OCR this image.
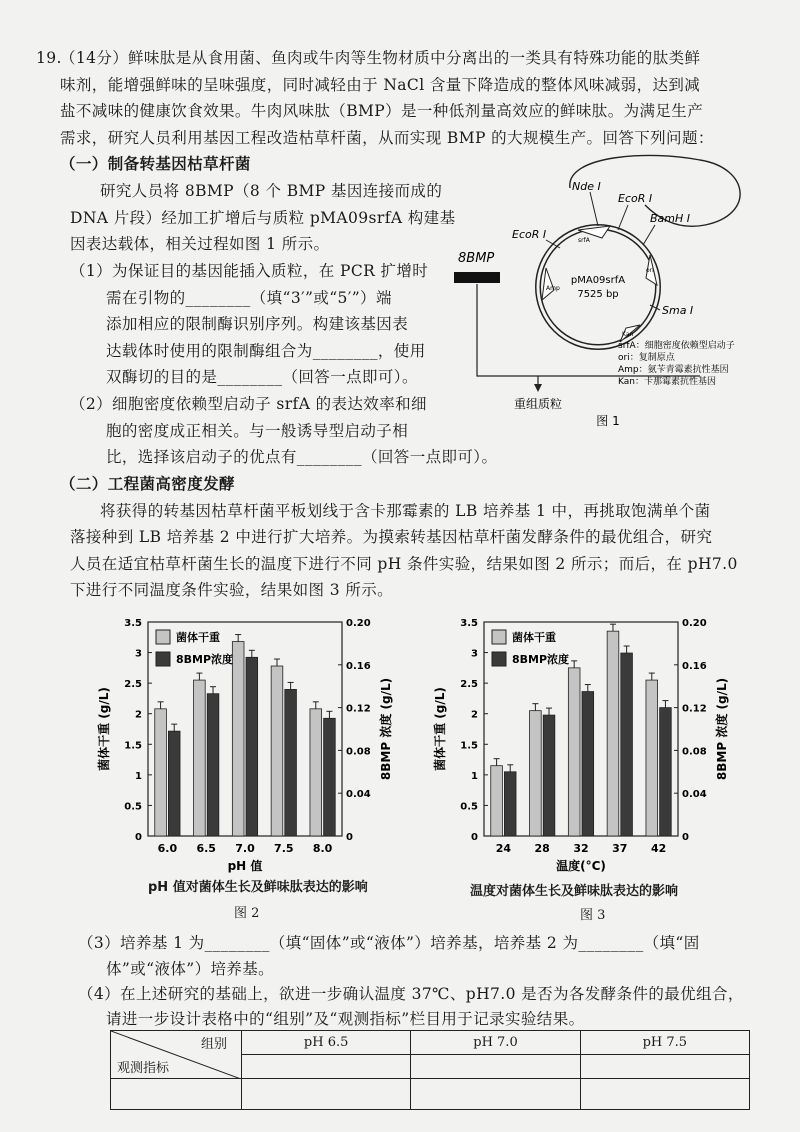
19.
（14分） 鲜味肽是从食用菌、鱼肉或牛肉等生物材质中分离出的一类具有特殊功能的肽类鲜
味剂，能增强鲜味的呈味强度，同时减轻由于 NaCl 含量下降造成的整体风味减弱，达到减
盐不减味的健康饮食效果。牛肉风味肽（BMP）是一种低剂量高效应的鲜味肽。为满足生产
需求，研究人员利用基因工程改造枯草杆菌，从而实现 BMP 的大规模生产。回答下列问题：
（一）制备转基因枯草杆菌
研究人员将 8BMP（8 个 BMP 基因连接而成的
DNA 片段）经加工扩增后与质粒 pMA09srfA 构建基
因表达载体，相关过程如图 1 所示。
（1）为保证目的基因能插入质粒，在 PCR 扩增时
需在引物的________（填“3′”或“5′”）端
添加相应的限制酶识别序列。构建该基因表
达载体时使用的限制酶组合为________，使用
双酶切的目的是________（回答一点即可）。
（2）细胞密度依赖型启动子 srfA 的表达效率和细
胞的密度成正相关。与一般诱导型启动子相
比，选择该启动子的优点有________（回答一点即可）。
8BMP
pMA09srfA
7525 bp
Nde I
EcoR I
BamH I
EcoR I
Sma I
srfA
ori
Amp
Kan
srfA：细胞密度依赖型启动子
ori：复制原点
Amp：氨苄青霉素抗性基因
Kan：卡那霉素抗性基因
重组质粒
图 1
（二）工程菌高密度发酵
将获得的转基因枯草杆菌平板划线于含卡那霉素的 LB 培养基 1 中，再挑取饱满单个菌
落接种到 LB 培养基 2 中进行扩大培养。为摸索转基因枯草杆菌发酵条件的最优组合，研究
人员在适宜枯草杆菌生长的温度下进行不同 pH 条件实验，结果如图 2 所示；而后，在 pH7.0
下进行不同温度条件实验，结果如图 3 所示。
0
0.5
1
1.5
2
2.5
3
3.5
0
0.04
0.08
0.12
0.16
0.20
6.0 6.5 7.0 7.5 8.0
菌体干重
8BMP浓度
pH 值
菌体干重 (g/L)	8BMP 浓度 (g/L)
0
0.5
1
1.5
2
2.5
3
3.5
0
0.04
0.08
0.12
0.16
0.20
24 28 32 37 42
菌体干重
8BMP浓度
温度(°C)
菌体干重 (g/L)	8BMP 浓度 (g/L)
pH 值对菌体生长及鲜味肽表达的影响	温度对菌体生长及鲜味肽表达的影响
图 2	图 3
（3）培养基 1 为________（填“固体”或“液体”）培养基，培养基 2 为________（填“固
体”或“液体”）培养基。
（4）在上述研究的基础上，欲进一步确认温度 37℃、pH7.0 是否为各发酵条件的最优组合，
请进一步设计表格中的“组别”及“观测指标”栏目用于记录实验结果。
组别
观测指标	pH 6.5	pH 7.0	pH 7.5
